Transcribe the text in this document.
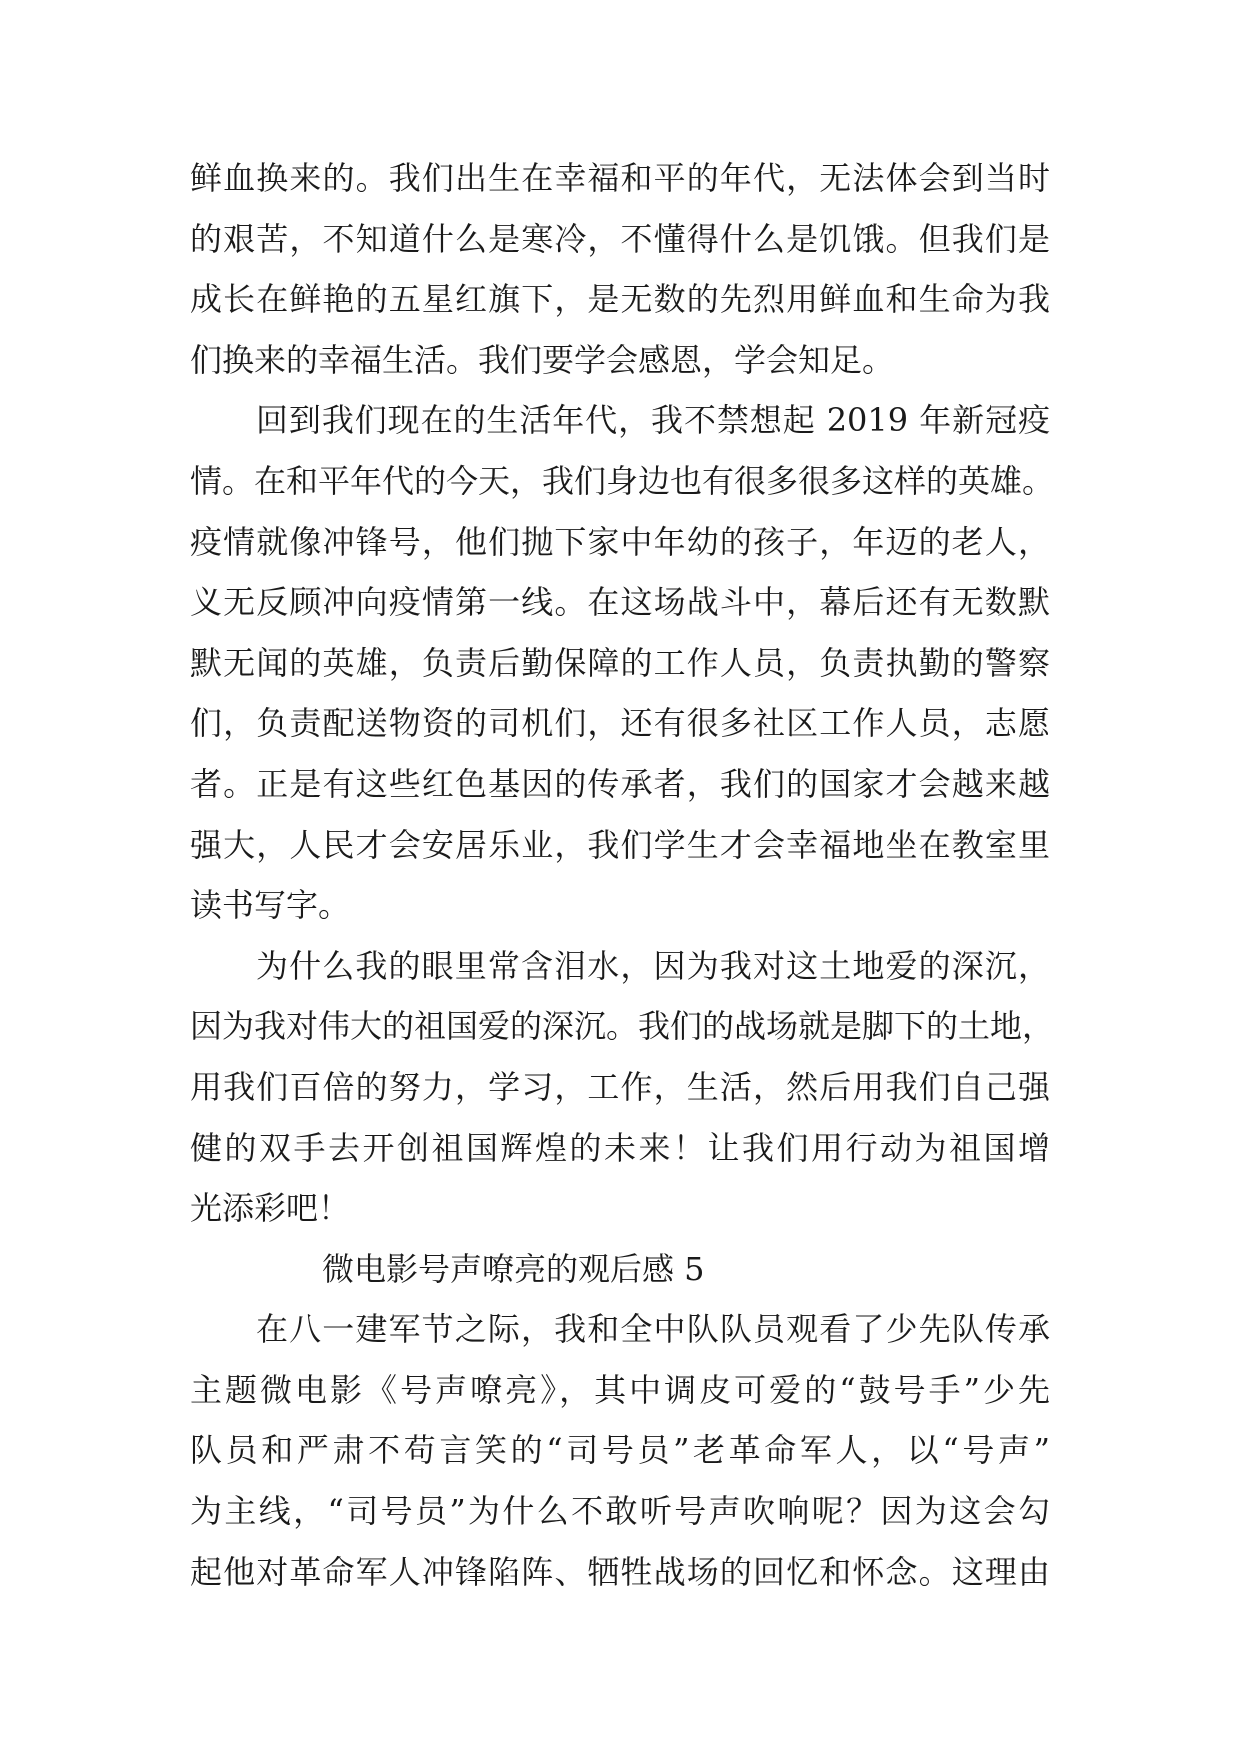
鲜血换来的。我们出生在幸福和平的年代，无法体会到当时
的艰苦，不知道什么是寒冷，不懂得什么是饥饿。但我们是
成长在鲜艳的五星红旗下，是无数的先烈用鲜血和生命为我
们换来的幸福生活。我们要学会感恩，学会知足。
回到我们现在的生活年代，我不禁想起 2019 年新冠疫
情。在和平年代的今天，我们身边也有很多很多这样的英雄。
疫情就像冲锋号，他们抛下家中年幼的孩子，年迈的老人，
义无反顾冲向疫情第一线。在这场战斗中，幕后还有无数默
默无闻的英雄，负责后勤保障的工作人员，负责执勤的警察
们，负责配送物资的司机们，还有很多社区工作人员，志愿
者。正是有这些红色基因的传承者，我们的国家才会越来越
强大，人民才会安居乐业，我们学生才会幸福地坐在教室里
读书写字。
为什么我的眼里常含泪水，因为我对这土地爱的深沉，
因为我对伟大的祖国爱的深沉。我们的战场就是脚下的土地，
用我们百倍的努力，学习，工作，生活，然后用我们自己强
健的双手去开创祖国辉煌的未来！让我们用行动为祖国增
光添彩吧！
微电影号声嘹亮的观后感 5
在八一建军节之际，我和全中队队员观看了少先队传承
主题微电影《号声嘹亮》，其中调皮可爱的“鼓号手”少先
队员和严肃不苟言笑的“司号员”老革命军人，以“号声”
为主线，“司号员”为什么不敢听号声吹响呢？因为这会勾
起他对革命军人冲锋陷阵、牺牲战场的回忆和怀念。这理由
